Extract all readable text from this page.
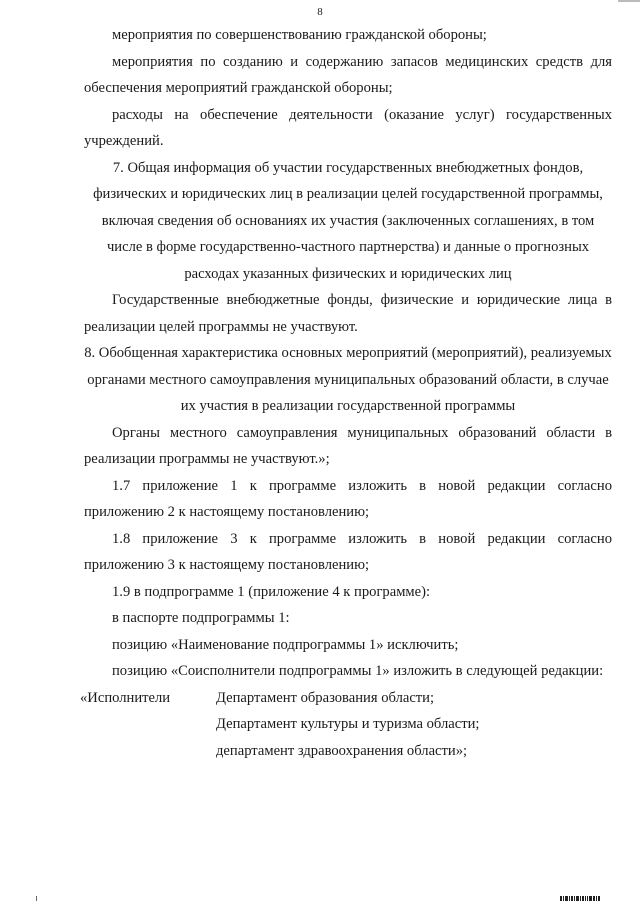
8

мероприятия по совершенствованию гражданской обороны;

мероприятия по созданию и содержанию запасов медицинских средств для обеспечения мероприятий гражданской обороны;

расходы на обеспечение деятельности (оказание услуг) государственных учреждений.

7. Общая информация об участии государственных внебюджетных фондов, физических и юридических лиц в реализации целей государственной программы, включая сведения об основаниях их участия (заключенных соглашениях, в том числе в форме государственно-частного партнерства) и данные о прогнозных расходах указанных физических и юридических лиц

Государственные внебюджетные фонды, физические и юридические лица в реализации целей программы не участвуют.

8. Обобщенная характеристика основных мероприятий (мероприятий), реализуемых органами местного самоуправления муниципальных образований области, в случае их участия в реализации государственной программы

Органы местного самоуправления муниципальных образований области в реализации программы не участвуют.»;

1.7 приложение 1 к программе изложить в новой редакции согласно приложению 2 к настоящему постановлению;

1.8 приложение 3 к программе изложить в новой редакции согласно приложению 3 к настоящему постановлению;

1.9 в подпрограмме 1 (приложение 4 к программе):

в паспорте подпрограммы 1:

позицию «Наименование подпрограммы 1» исключить;

позицию «Соисполнители подпрограммы 1» изложить в следующей редакции:

«Исполнители	Департамент образования области;
Департамент культуры и туризма области;
департамент здравоохранения области»;
